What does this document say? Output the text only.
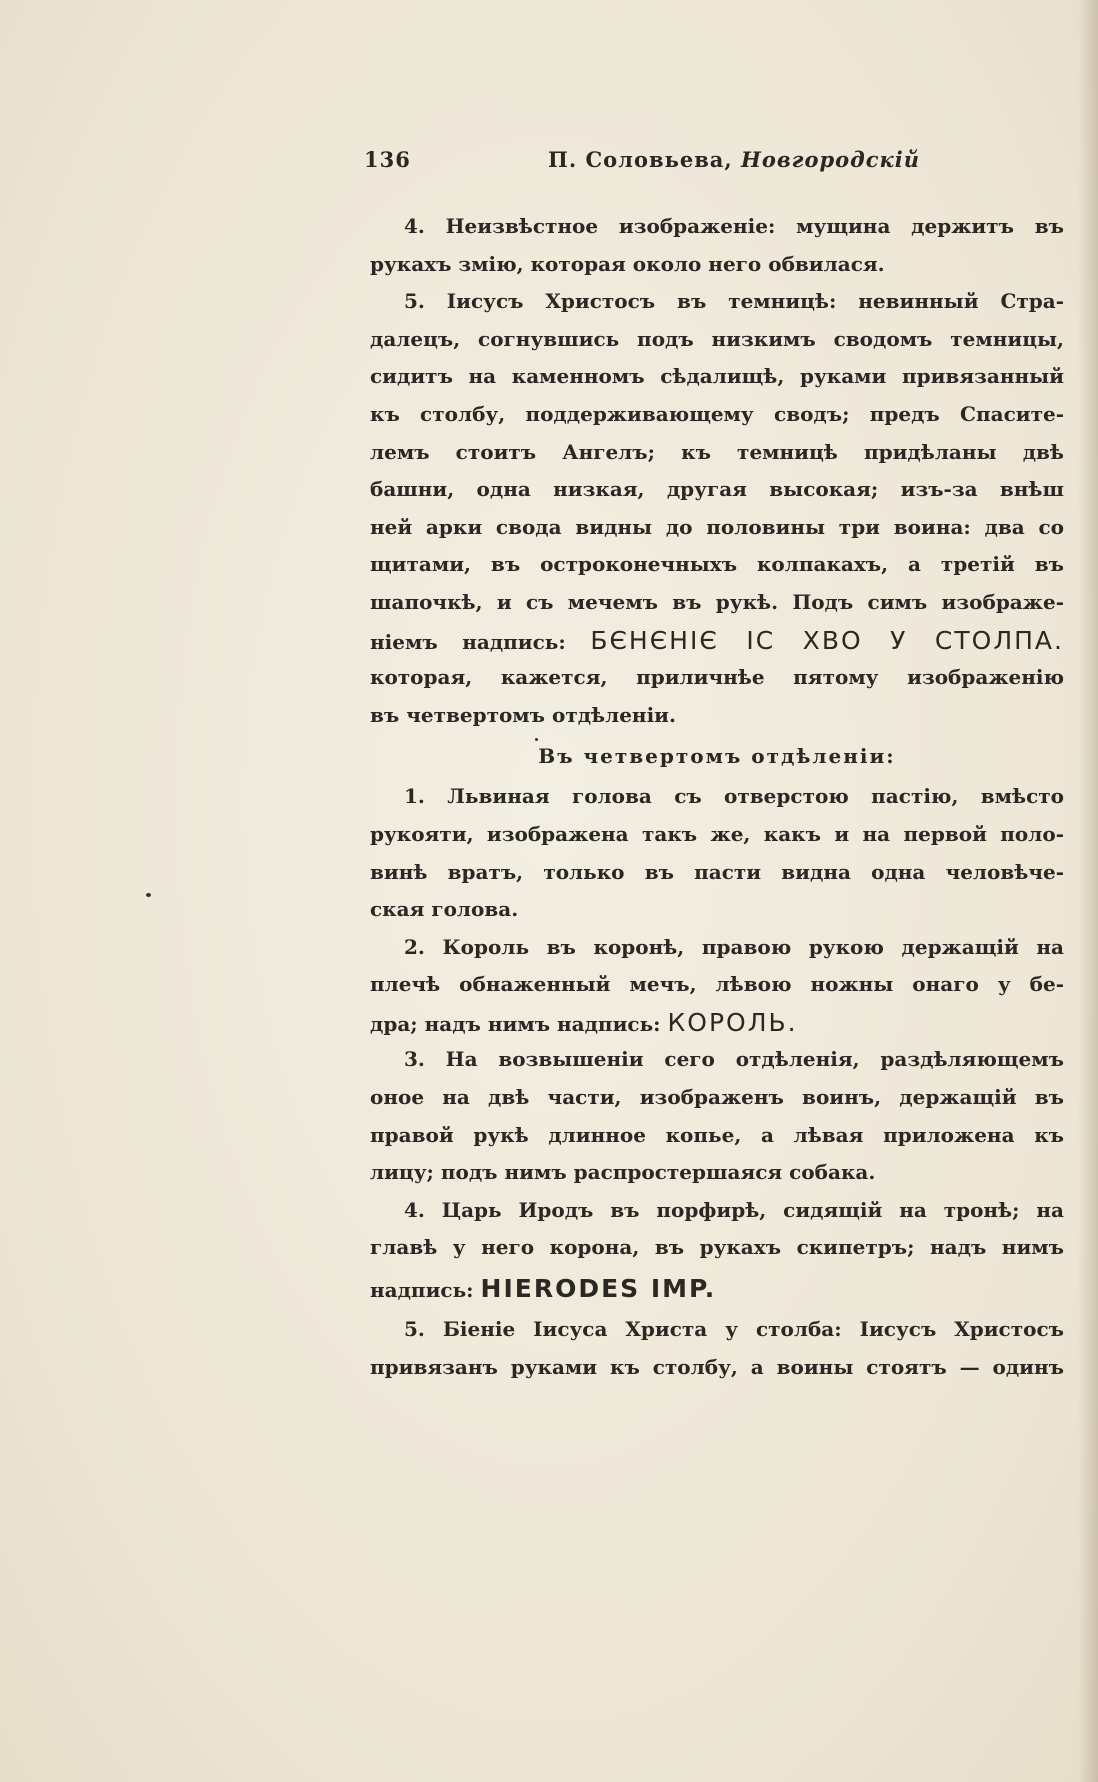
136	П. Соловьева, Новгородскiй
4. Неизвѣстное изображенiе: мущина держитъ въ
рукахъ змiю, которая около него обвилася.
5. Iисусъ Христосъ въ темницѣ: невинный Стра-
далецъ, согнувшись подъ низкимъ сводомъ темницы,
сидитъ на каменномъ сѣдалищѣ, руками привязанный
къ столбу, поддерживающему сводъ; предъ Спасите-
лемъ стоитъ Ангелъ; къ темницѣ придѣланы двѣ
башни, одна низкая, другая высокая; изъ-за внѣш
ней арки свода видны до половины три воина: два со
щитами, въ остроконечныхъ колпакахъ, а третiй въ
шапочкѣ, и съ мечемъ въ рукѣ. Подъ симъ изображе-
нiемъ надпись: БЄНЄНІЄ ІС ХВО У СТОЛПА.
которая, кажется, приличнѣе пятому изображенiю
въ четвертомъ отдѣленiи.
Въ четвертомъ отдѣленiи:
1. Львиная голова съ отверстою пастiю, вмѣсто
рукояти, изображена такъ же, какъ и на первой поло-
винѣ вратъ, только въ пасти видна одна человѣче-
ская голова.
2. Король въ коронѣ, правою рукою держащiй на
плечѣ обнаженный мечъ, лѣвою ножны онаго у бе-
дра; надъ нимъ надпись: КОРОЛЬ.
3. На возвышенiи сего отдѣленiя, раздѣляющемъ
оное на двѣ части, изображенъ воинъ, держащiй въ
правой рукѣ длинное копье, а лѣвая приложена къ
лицу; подъ нимъ распростершаяся собака.
4. Царь Иродъ въ порфирѣ, сидящiй на тронѣ; на
главѣ у него корона, въ рукахъ скипетръ; надъ нимъ
надпись: HIERODES IMP.
5. Бiенiе Iисуса Христа у столба: Iисусъ Христосъ
привязанъ руками къ столбу, а воины стоятъ — одинъ
